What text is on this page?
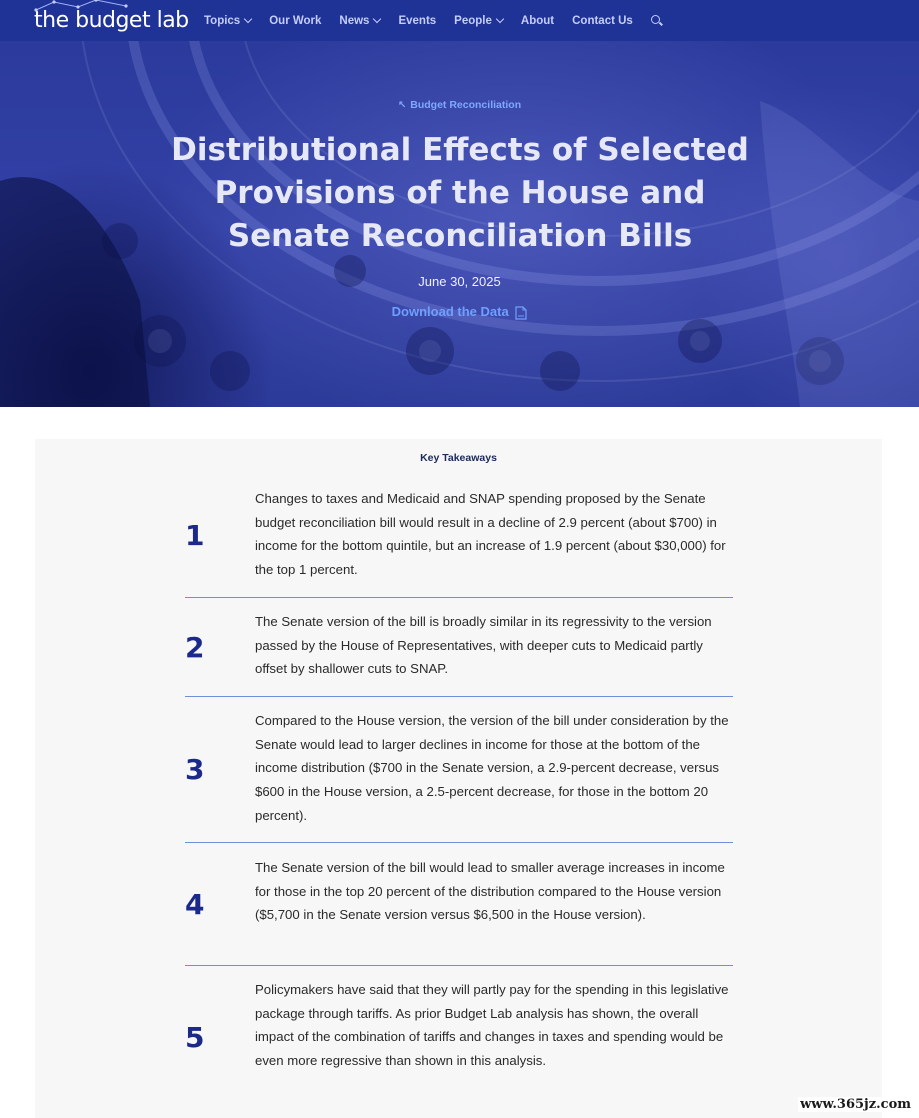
the budget lab Topics	Our Work News	Events People	About Contact Us
↖ Budget Reconciliation
Distributional Effects of Selected Provisions of the House and Senate Reconciliation Bills
June 30, 2025
Download the Data
Key Takeaways
1
Changes to taxes and Medicaid and SNAP spending proposed by the Senate budget reconciliation bill would result in a decline of 2.9 percent (about $700) in income for the bottom quintile, but an increase of 1.9 percent (about $30,000) for the top 1 percent.
2
The Senate version of the bill is broadly similar in its regressivity to the version passed by the House of Representatives, with deeper cuts to Medicaid partly offset by shallower cuts to SNAP.
3
Compared to the House version, the version of the bill under consideration by the Senate would lead to larger declines in income for those at the bottom of the income distribution ($700 in the Senate version, a 2.9-percent decrease, versus $600 in the House version, a 2.5-percent decrease, for those in the bottom 20 percent).
4
The Senate version of the bill would lead to smaller average increases in income for those in the top 20 percent of the distribution compared to the House version ($5,700 in the Senate version versus $6,500 in the House version).
5
Policymakers have said that they will partly pay for the spending in this legislative package through tariffs. As prior Budget Lab analysis has shown, the overall impact of the combination of tariffs and changes in taxes and spending would be even more regressive than shown in this analysis.
www.365jz.com
